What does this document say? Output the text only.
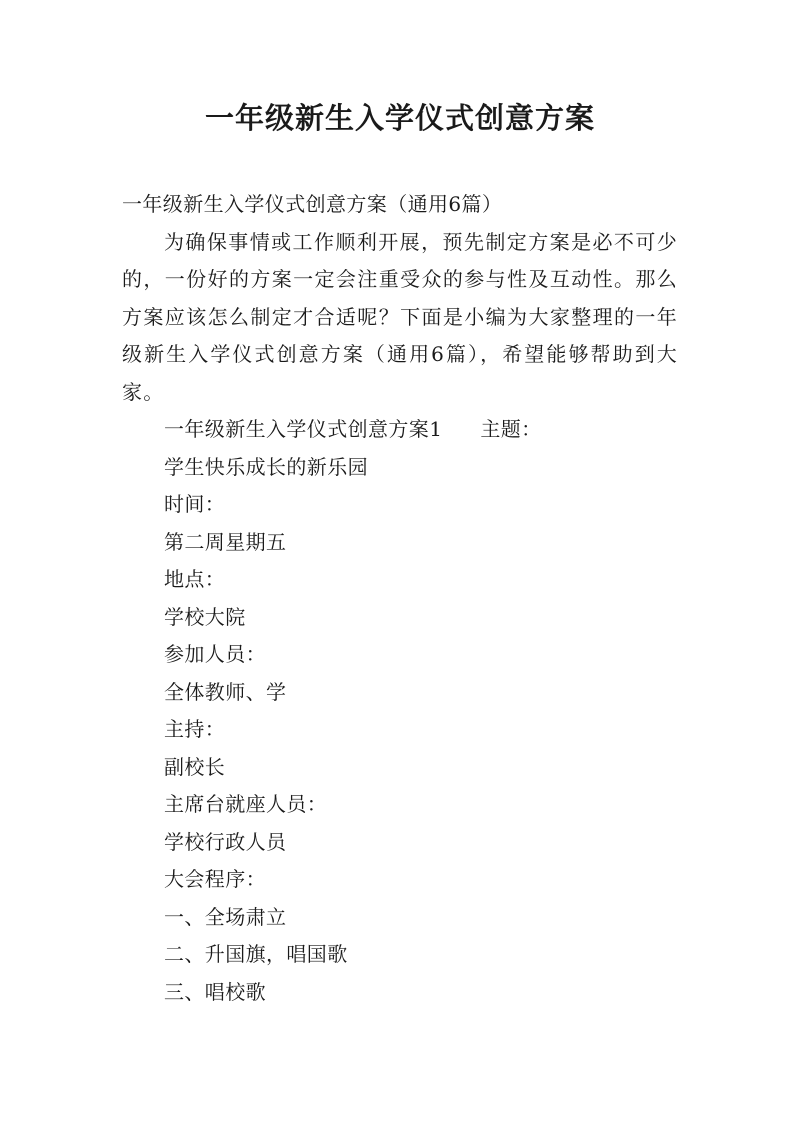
一年级新生入学仪式创意方案

一年级新生入学仪式创意方案（通用6篇）

为确保事情或工作顺利开展，预先制定方案是必不可少的，一份好的方案一定会注重受众的参与性及互动性。那么方案应该怎么制定才合适呢？下面是小编为大家整理的一年级新生入学仪式创意方案（通用6篇），希望能够帮助到大家。

一年级新生入学仪式创意方案1 主题：

学生快乐成长的新乐园

时间：

第二周星期五

地点：

学校大院

参加人员：

全体教师、学

主持：

副校长

主席台就座人员：

学校行政人员

大会程序：

一、全场肃立

二、升国旗，唱国歌

三、唱校歌
